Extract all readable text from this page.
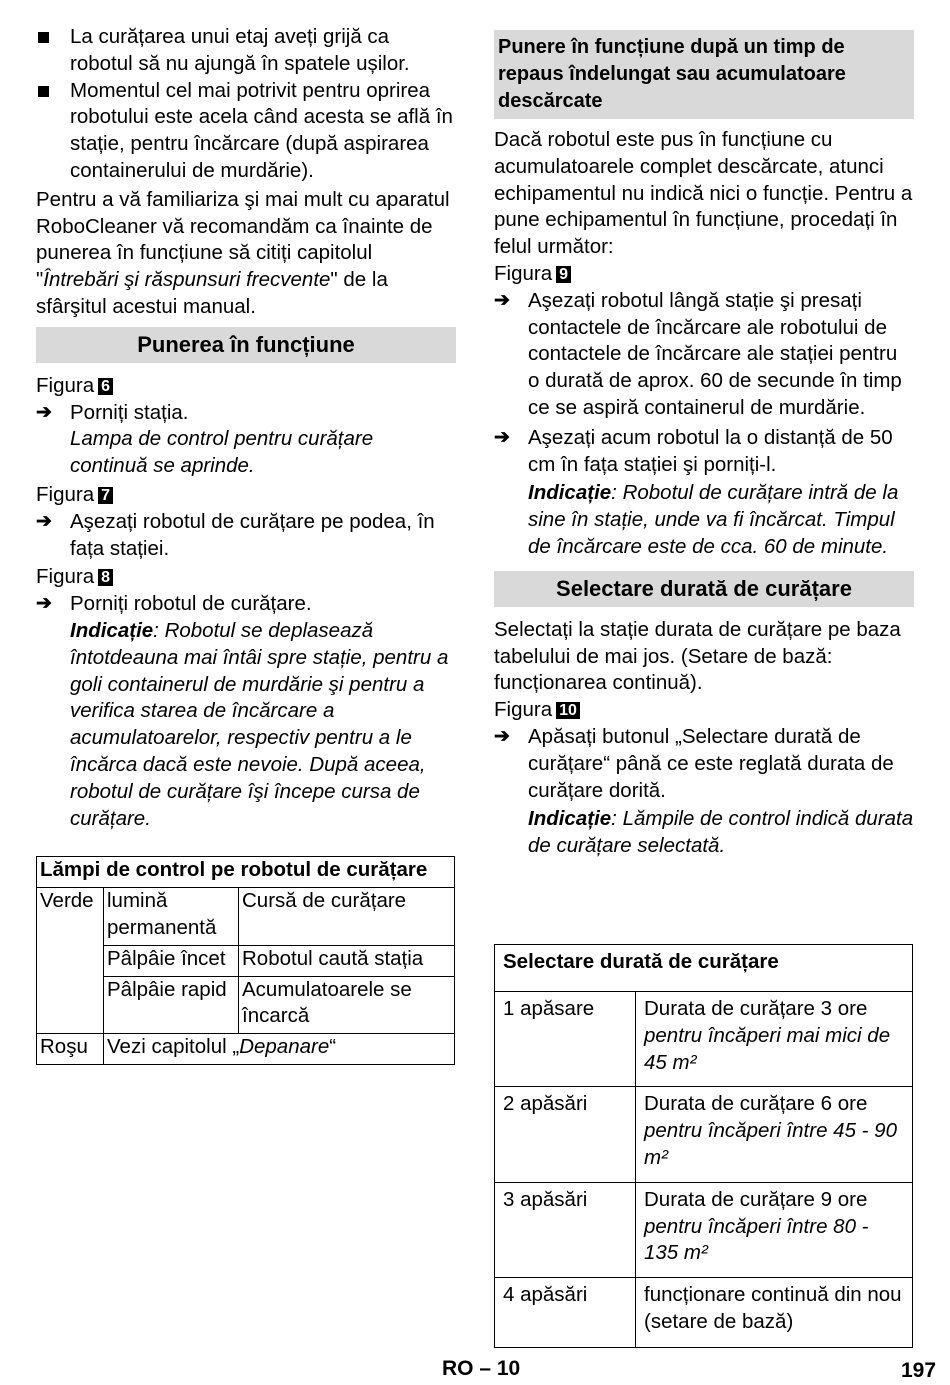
La curățarea unui etaj aveți grijă ca robotul să nu ajungă în spatele ușilor.

Momentul cel mai potrivit pentru oprirea robotului este acela când acesta se află în stație, pentru încărcare (după aspirarea containerului de murdărie).

Pentru a vă familiariza şi mai mult cu aparatul RoboCleaner vă recomandăm ca înainte de punerea în funcțiune să citiți capitolul "Întrebări şi răspunsuri frecvente" de la sfârşitul acestui manual.

Punerea în funcțiune

Figura 6

➔ Porniți stația.

Lampa de control pentru curățare continuă se aprinde.

Figura 7

➔ Aşezați robotul de curățare pe podea, în fața stației.

Figura 8

➔ Porniți robotul de curățare.

Indicație: Robotul se deplasează întotdeauna mai întâi spre stație, pentru a goli containerul de murdărie şi pentru a verifica starea de încărcare a acumulatoarelor, respectiv pentru a le încărca dacă este nevoie. După aceea, robotul de curățare îşi începe cursa de curățare.

Lămpi de control pe robotul de curățare		
Verde	lumină permanentă	Cursă de curățare
	Pâlpâie încet	Robotul caută stația
	Pâlpâie rapid	Acumulatoarele se încarcă
Roşu	Vezi capitolul „Depanare“	
Punere în funcțiune după un timp de repaus îndelungat sau acumulatoare descărcate

Dacă robotul este pus în funcțiune cu acumulatoarele complet descărcate, atunci echipamentul nu indică nici o funcție. Pentru a pune echipamentul în funcțiune, procedați în felul următor:

Figura 9

➔ Aşezați robotul lângă stație şi presați contactele de încărcare ale robotului de contactele de încărcare ale stației pentru o durată de aprox. 60 de secunde în timp ce se aspiră containerul de murdărie.

➔ Aşezați acum robotul la o distanță de 50 cm în fața stației şi porniți-l.

Indicație: Robotul de curățare intră de la sine în stație, unde va fi încărcat. Timpul de încărcare este de cca. 60 de minute.

Selectare durată de curățare

Selectați la stație durata de curățare pe baza tabelului de mai jos. (Setare de bază: funcționarea continuă).

Figura 10

➔ Apăsați butonul „Selectare durată de curățare“ până ce este reglată durata de curățare dorită.

Indicație: Lămpile de control indică durata de curățare selectată.

Selectare durată de curățare	
1 apăsare	Durata de curățare 3 ore
pentru încăperi mai mici de 45 m²
2 apăsări	Durata de curățare 6 ore
pentru încăperi între 45 - 90 m²
3 apăsări	Durata de curățare 9 ore
pentru încăperi între 80 - 135 m²
4 apăsări	funcționare continuă din nou (setare de bază)
RO – 10	197
